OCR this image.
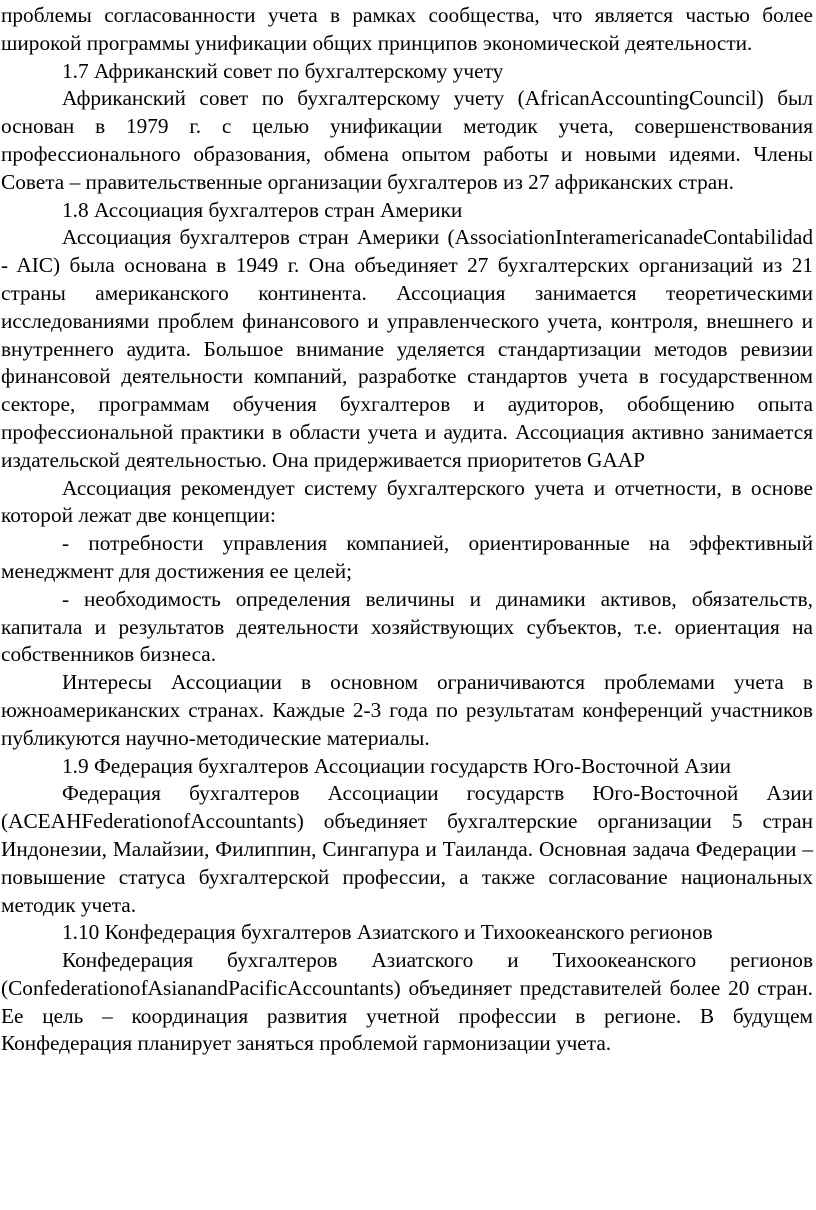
проблемы согласованности учета в рамках сообщества, что является частью более широкой программы унификации общих принципов экономической деятельности.

1.7 Африканский совет по бухгалтерскому учету

Африканский совет по бухгалтерскому учету (AfricanAccountingCouncil) был основан в 1979 г. с целью унификации методик учета, совершенствования профессионального образования, обмена опытом работы и новыми идеями. Члены Совета – правительственные организации бухгалтеров из 27 африканских стран.

1.8 Ассоциация бухгалтеров стран Америки

Ассоциация бухгалтеров стран Америки (AssociationInteramericanadeContabilidad - AIC) была основана в 1949 г. Она объединяет 27 бухгалтерских организаций из 21 страны американского континента. Ассоциация занимается теоретическими исследованиями проблем финансового и управленческого учета, контроля, внешнего и внутреннего аудита. Большое внимание уделяется стандартизации методов ревизии финансовой деятельности компаний, разработке стандартов учета в государственном секторе, программам обучения бухгалтеров и аудиторов, обобщению опыта профессиональной практики в области учета и аудита. Ассоциация активно занимается издательской деятельностью. Она придерживается приоритетов GAAP

Ассоциация рекомендует систему бухгалтерского учета и отчетности, в основе которой лежат две концепции:

- потребности управления компанией, ориентированные на эффективный менеджмент для достижения ее целей;

- необходимость определения величины и динамики активов, обязательств, капитала и результатов деятельности хозяйствующих субъектов, т.е. ориентация на собственников бизнеса.

Интересы Ассоциации в основном ограничиваются проблемами учета в южноамериканских странах. Каждые 2-3 года по результатам конференций участников публикуются научно-методические материалы.

1.9 Федерация бухгалтеров Ассоциации государств Юго-Восточной Азии

Федерация бухгалтеров Ассоциации государств Юго-Восточной Азии (ACEAHFederationofAccountants) объединяет бухгалтерские организации 5 стран Индонезии, Малайзии, Филиппин, Сингапура и Таиланда. Основная задача Федерации – повышение статуса бухгалтерской профессии, а также согласование национальных методик учета.

1.10 Конфедерация бухгалтеров Азиатского и Тихоокеанского регионов

Конфедерация бухгалтеров Азиатского и Тихоокеанского регионов (ConfederationofAsianandPacificAccountants) объединяет представителей более 20 стран. Ее цель – координация развития учетной профессии в регионе. В будущем Конфедерация планирует заняться проблемой гармонизации учета.
